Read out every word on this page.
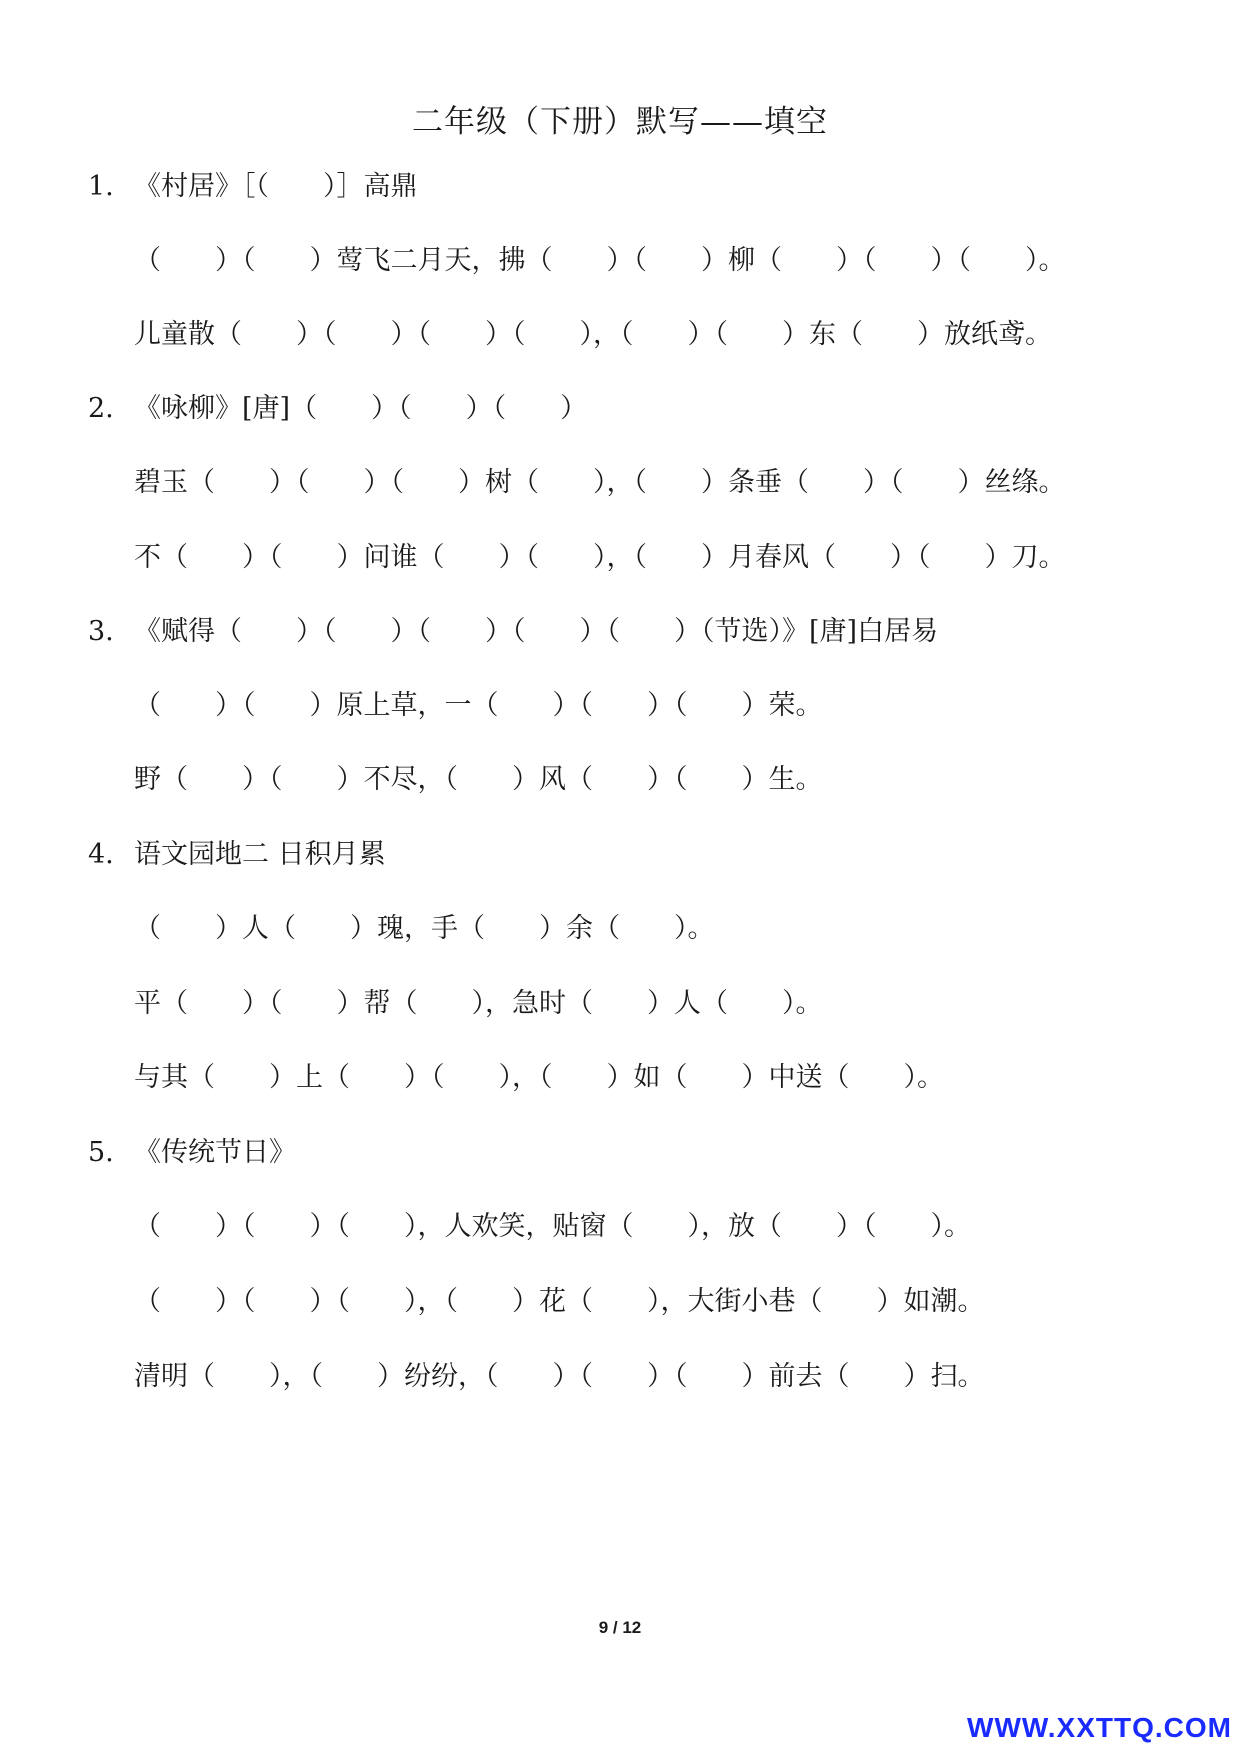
二年级（下册）默写——填空

1.

《村居》［（　　）］高鼎

（　　）（　　）莺飞二月天，拂（　　）（　　）柳（　　）（　　）（　　）。

儿童散（　　）（　　）（　　）（　　），（　　）（　　）东（　　）放纸鸢。

2.

《咏柳》[唐]（　　）（　　）（　　）

碧玉（　　）（　　）（　　）树（　　），（　　）条垂（　　）（　　）丝绦。

不（　　）（　　）问谁（　　）（　　），（　　）月春风（　　）（　　）刀。

3.

《赋得（　　）（　　）（　　）（　　）（　　）（节选）》[唐]白居易

（　　）（　　）原上草，一（　　）（　　）（　　）荣。

野（　　）（　　）不尽，（　　）风（　　）（　　）生。

4.

语文园地二 日积月累

（　　）人（　　）瑰，手（　　）余（　　）。

平（　　）（　　）帮（　　），急时（　　）人（　　）。

与其（　　）上（　　）（　　），（　　）如（　　）中送（　　）。

5.

《传统节日》

（　　）（　　）（　　），人欢笑，贴窗（　　），放（　　）（　　）。

（　　）（　　）（　　），（　　）花（　　），大街小巷（　　）如潮。

清明（　　），（　　）纷纷，（　　）（　　）（　　）前去（　　）扫。

9 / 12
WWW.XXTTQ.COM
